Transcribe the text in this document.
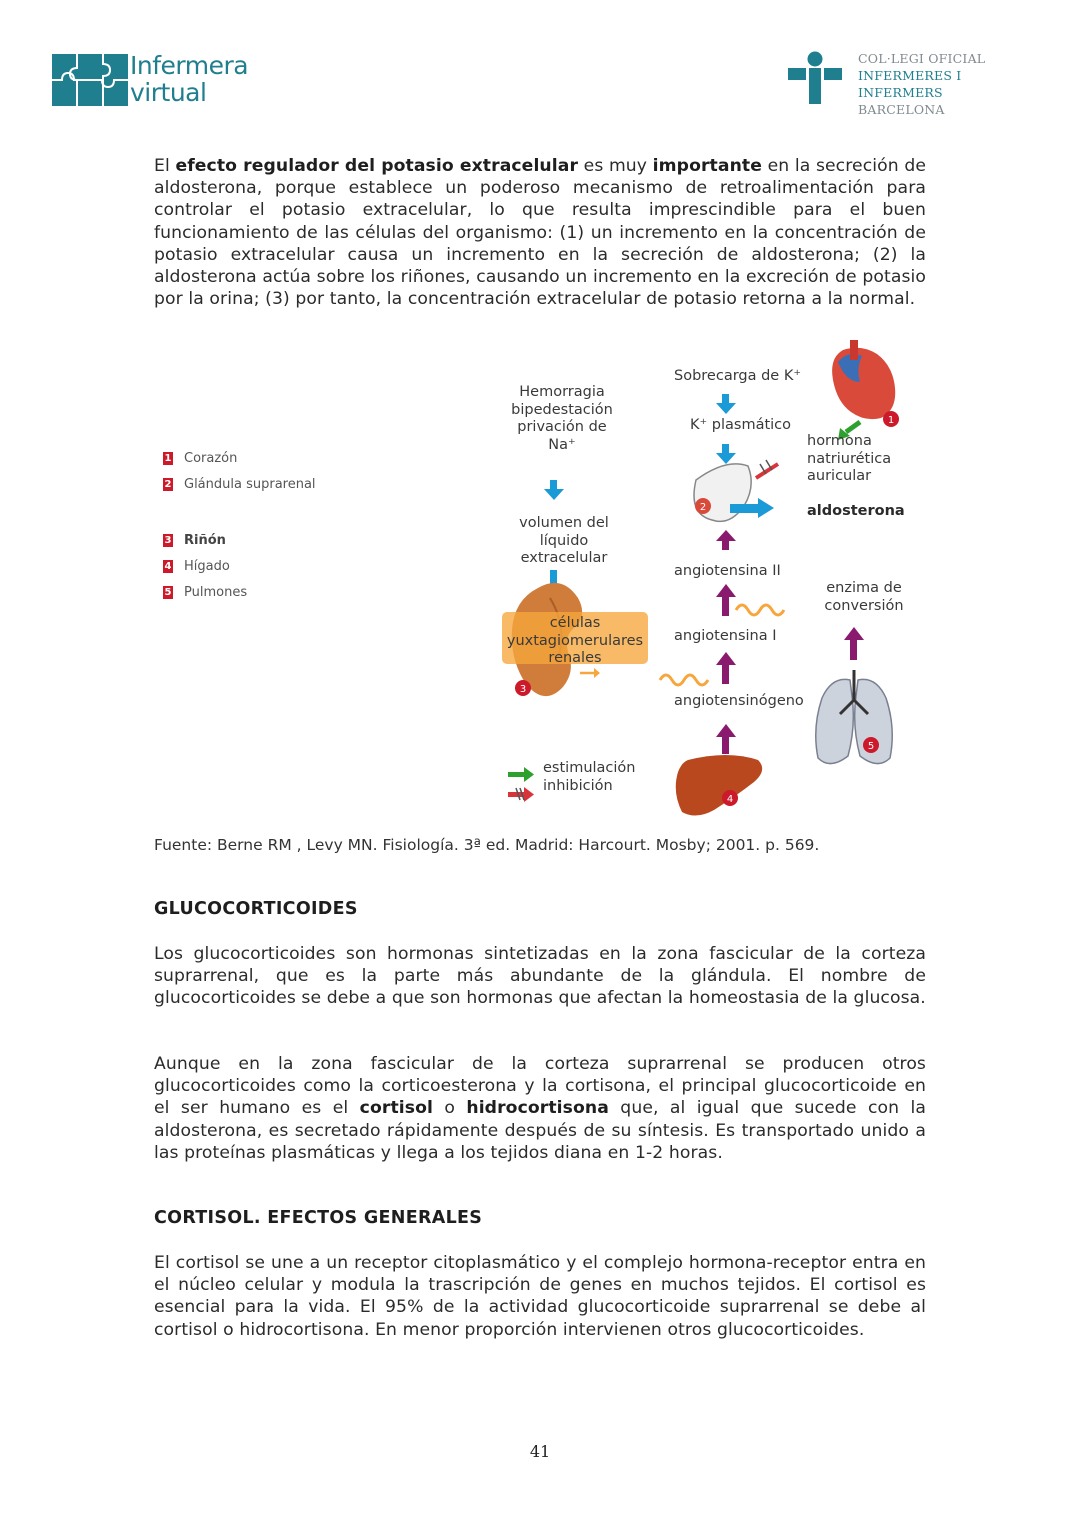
Infermera
virtual
COL·LEGI OFICIAL
INFERMERES I INFERMERS
BARCELONA
El efecto regulador del potasio extracelular es muy importante en la secreción de aldosterona, porque establece un poderoso mecanismo de retroalimentación para controlar el potasio extracelular, lo que resulta imprescindible para el buen funcionamiento de las células del organismo: (1) un incremento en la concentración de potasio extracelular causa un incremento en la secreción de aldosterona; (2) la aldosterona actúa sobre los riñones, causando un incremento en la excreción de potasio por la orina; (3) por tanto, la concentración extracelular de potasio retorna a la normal.
1 Corazón
2 Glándula suprarenal
3 Riñón
4 Hígado
5 Pulmones
1
2
3
5
4
Hemorragia
bipedestación
privación de
Na⁺
Sobrecarga de K⁺
K⁺ plasmático
hormona
natriurética
auricular
aldosterona
volumen del
líquido
extracelular
angiotensina II
enzima de
conversión
células
yuxtagiomerulares
renales
angiotensina I
angiotensinógeno
estimulación
inhibición
Fuente: Berne RM , Levy MN. Fisiología. 3ª ed. Madrid: Harcourt. Mosby; 2001. p. 569.
GLUCOCORTICOIDES
Los glucocorticoides son hormonas sintetizadas en la zona fascicular de la corteza suprarrenal, que es la parte más abundante de la glándula. El nombre de glucocorticoides se debe a que son hormonas que afectan la homeostasia de la glucosa.
Aunque en la zona fascicular de la corteza suprarrenal se producen otros glucocorticoides como la corticoesterona y la cortisona, el principal glucocorticoide en el ser humano es el cortisol o hidrocortisona que, al igual que sucede con la aldosterona, es secretado rápidamente después de su síntesis. Es transportado unido a las proteínas plasmáticas y llega a los tejidos diana en 1-2 horas.
CORTISOL. EFECTOS GENERALES
El cortisol se une a un receptor citoplasmático y el complejo hormona-receptor entra en el núcleo celular y modula la trascripción de genes en muchos tejidos. El cortisol es esencial para la vida. El 95% de la actividad glucocorticoide suprarrenal se debe al cortisol o hidrocortisona. En menor proporción intervienen otros glucocorticoides.
41
